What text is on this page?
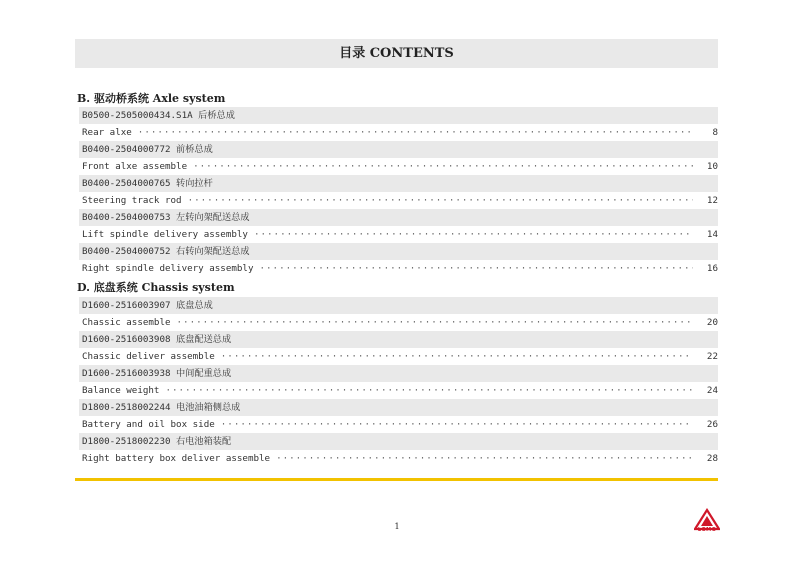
目录 CONTENTS
B. 驱动桥系统 Axle system
B0500-2505000434.S1A 后桥总成
Rear alxe ·····	8
B0400-2504000772 前桥总成
Front alxe assemble ·····	10
B0400-2504000765 转向拉杆
Steering track rod ·····	12
B0400-2504000753 左转向架配送总成
Lift spindle delivery assembly ·····	14
B0400-2504000752 右转向架配送总成
Right spindle delivery assembly ·····	16
D. 底盘系统 Chassis system
D1600-2516003907 底盘总成
Chassic assemble ·····	20
D1600-2516003908 底盘配送总成
Chassic deliver assemble ·····	22
D1600-2516003938 中间配重总成
Balance weight ·····	24
D1800-2518002244 电池油箱侧总成
Battery and oil box side ·····	26
D1800-2518002230 右电池箱装配
Right battery box deliver assemble ·····	28
1	LGMG
